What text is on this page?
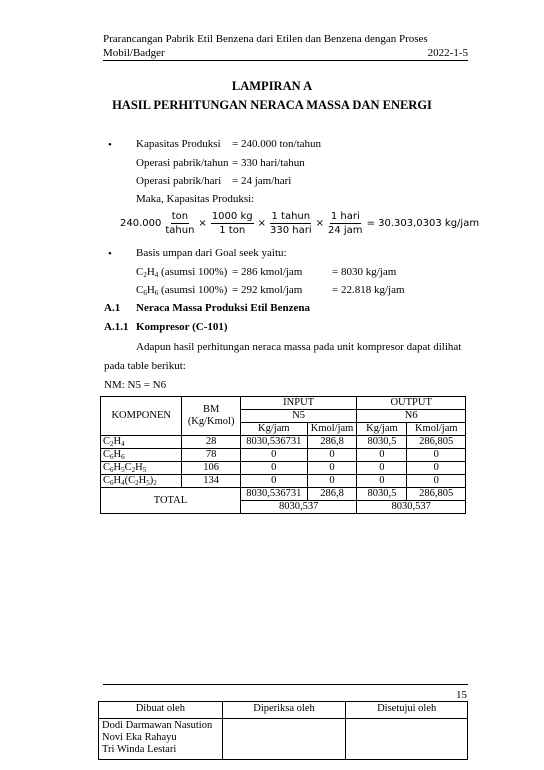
Prarancangan Pabrik Etil Benzena dari Etilen dan Benzena dengan Proses
Mobil/Badger	2022-1-5
LAMPIRAN A
HASIL PERHITUNGAN NERACA MASSA DAN ENERGI
• Kapasitas Produksi = 240.000 ton/tahun
Operasi pabrik/tahun = 330 hari/tahun
Operasi pabrik/hari = 24 jam/hari
Maka, Kapasitas Produksi:
$240.000 \frac{\text{ton}}{\text{tahun}} \times \frac{1000 kg}{\text{1 ton}} \times \frac{\text{1 tahun}}{\text{330 hari}} \times \frac{\text{1 hari}}{\text{24 jam}} = 30.303,0303$ kg/jam
• Basis umpan dari Goal seek yaitu:
$C_2H_4$ (asumsi 100%) = 286 kmol/jam	= 8030 kg/jam
$C_6H_6$ (asumsi 100%) = 292 kmol/jam	= 22.818 kg/jam
A.1 Neraca Massa Produksi Etil Benzena
A.1.1 Kompresor (C-101)
Adapun hasil perhitungan neraca massa pada unit kompresor dapat dilihat
pada table berikut:
NM: N5 = N6
KOMPONEN	BM
(Kg/Kmol)	INPUT		OUTPUT	
		N5		N6	
		Kg/jam	Kmol/jam	Kg/jam	Kmol/jam
$C_2H_4$	28	8030,536731	286,8	8030,5	286,805
$C_6H_6$	78	0	0	0	0
$C_6H_5C_2H_5$	106	0	0	0	0
$C_6H_4(C_2H_5)_2$	134	0	0	0	0
TOTAL		8030,536731	286,8	8030,5	286,805
		8030,537		8030,537	
15
Dibuat oleh	Diperiksa oleh	Disetujui oleh

Dodi Darmawan Nasution
Novi Eka Rahayu
Tri Winda Lestari		
